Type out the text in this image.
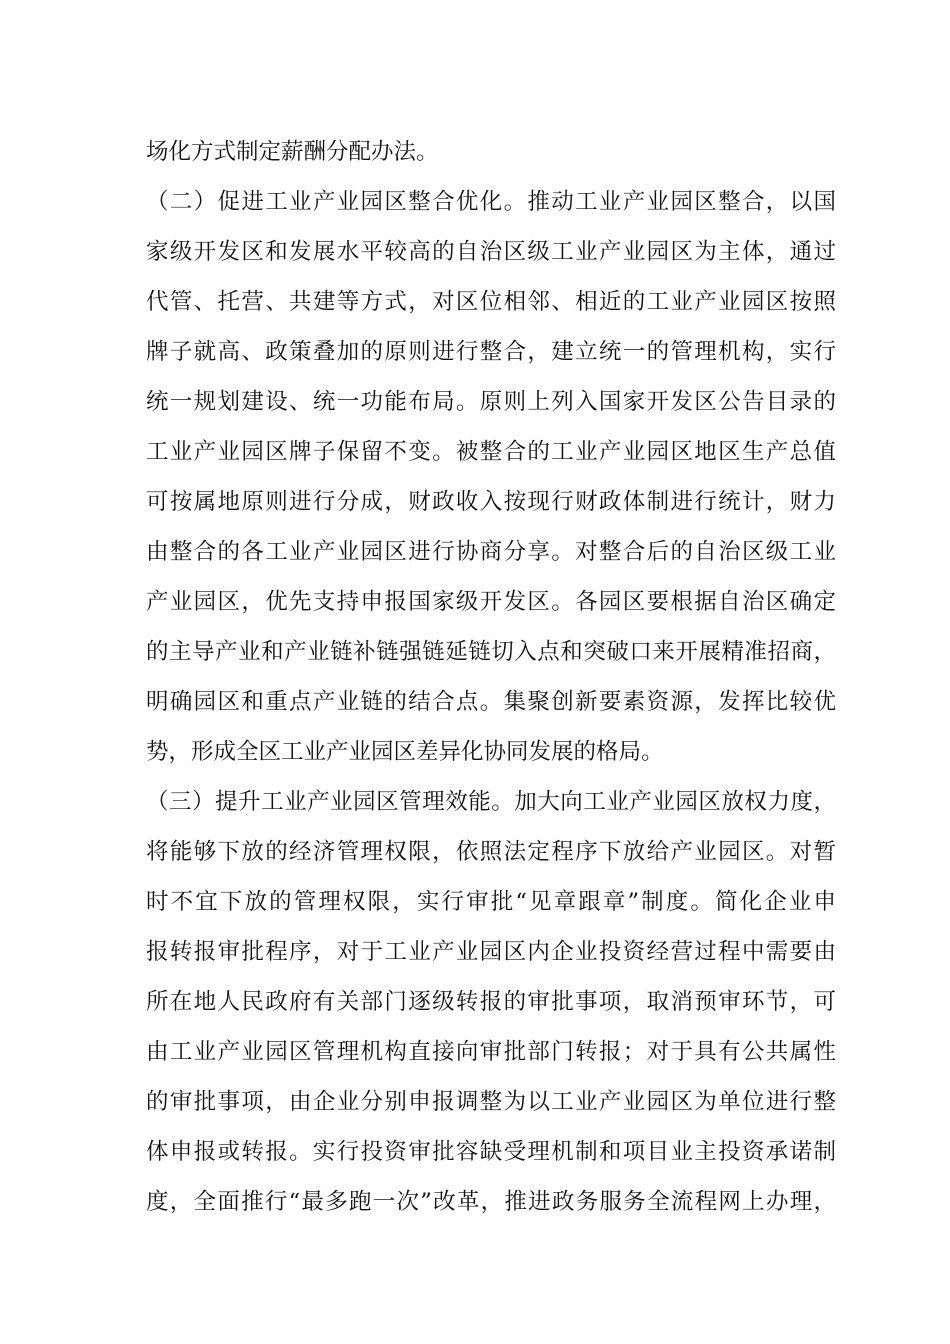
场化方式制定薪酬分配办法。
（二）促进工业产业园区整合优化。推动工业产业园区整合，以国
家级开发区和发展水平较高的自治区级工业产业园区为主体，通过
代管、托营、共建等方式，对区位相邻、相近的工业产业园区按照
牌子就高、政策叠加的原则进行整合，建立统一的管理机构，实行
统一规划建设、统一功能布局。原则上列入国家开发区公告目录的
工业产业园区牌子保留不变。被整合的工业产业园区地区生产总值
可按属地原则进行分成，财政收入按现行财政体制进行统计，财力
由整合的各工业产业园区进行协商分享。对整合后的自治区级工业
产业园区，优先支持申报国家级开发区。各园区要根据自治区确定
的主导产业和产业链补链强链延链切入点和突破口来开展精准招商，
明确园区和重点产业链的结合点。集聚创新要素资源，发挥比较优
势，形成全区工业产业园区差异化协同发展的格局。
（三）提升工业产业园区管理效能。加大向工业产业园区放权力度，
将能够下放的经济管理权限，依照法定程序下放给产业园区。对暂
时不宜下放的管理权限，实行审批“见章跟章”制度。简化企业申
报转报审批程序，对于工业产业园区内企业投资经营过程中需要由
所在地人民政府有关部门逐级转报的审批事项，取消预审环节，可
由工业产业园区管理机构直接向审批部门转报；对于具有公共属性
的审批事项，由企业分别申报调整为以工业产业园区为单位进行整
体申报或转报。实行投资审批容缺受理机制和项目业主投资承诺制
度，全面推行“最多跑一次”改革，推进政务服务全流程网上办理，
